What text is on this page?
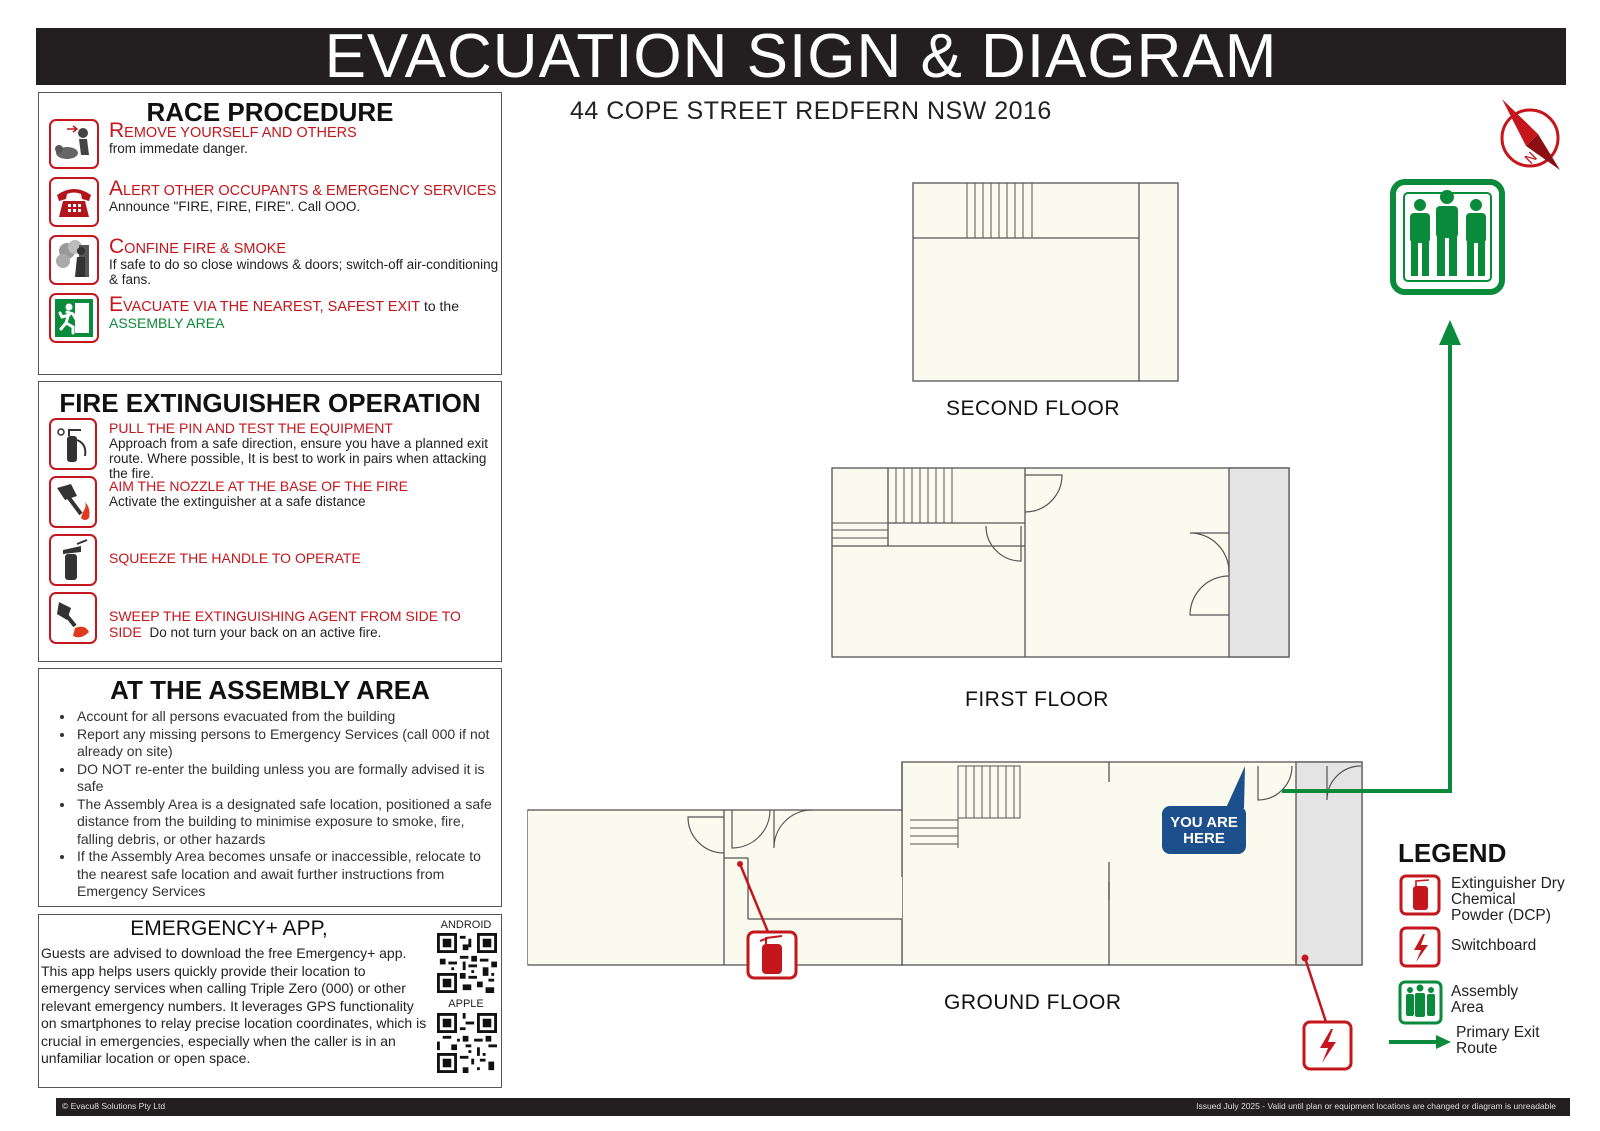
EVACUATION SIGN & DIAGRAM
RACE PROCEDURE
REMOVE YOURSELF AND OTHERS
from immedate danger.
ALERT OTHER OCCUPANTS & EMERGENCY SERVICES
Announce "FIRE, FIRE, FIRE". Call OOO.
CONFINE FIRE & SMOKE
If safe to do so close windows & doors; switch-off air-conditioning & fans.
EVACUATE VIA THE NEAREST, SAFEST EXIT to the
ASSEMBLY AREA
FIRE EXTINGUISHER OPERATION
PULL THE PIN AND TEST THE EQUIPMENT
Approach from a safe direction, ensure you have a planned exit route. Where possible, It is best to work in pairs when attacking the fire.
AIM THE NOZZLE AT THE BASE OF THE FIRE
Activate the extinguisher at a safe distance
SQUEEZE THE HANDLE TO OPERATE
SWEEP THE EXTINGUISHING AGENT FROM SIDE TO SIDE Do not turn your back on an active fire.
AT THE ASSEMBLY AREA
• Account for all persons evacuated from the building
• Report any missing persons to Emergency Services (call 000 if not already on site)
• DO NOT re-enter the building unless you are formally advised it is safe
• The Assembly Area is a designated safe location, positioned a safe distance from the building to minimise exposure to smoke, fire, falling debris, or other hazards
• If the Assembly Area becomes unsafe or inaccessible, relocate to the nearest safe location and await further instructions from Emergency Services
EMERGENCY+ APP,
Guests are advised to download the free Emergency+ app. This app helps users quickly provide their location to emergency services when calling Triple Zero (000) or other relevant emergency numbers. It leverages GPS functionality on smartphones to relay precise location coordinates, which is crucial in emergencies, especially when the caller is in an unfamiliar location or open space.
ANDROID
APPLE
44 COPE STREET REDFERN NSW 2016
N
SECOND FLOOR
FIRST FLOOR
GROUND FLOOR
YOU ARE HERE	LEGEND
Extinguisher Dry Chemical Powder (DCP)
Switchboard
Assembly Area
Primary Exit Route
© Evacu8 Solutions Pty Ltd	Issued July 2025 - Valid until plan or equipment locations are changed or diagram is unreadable
